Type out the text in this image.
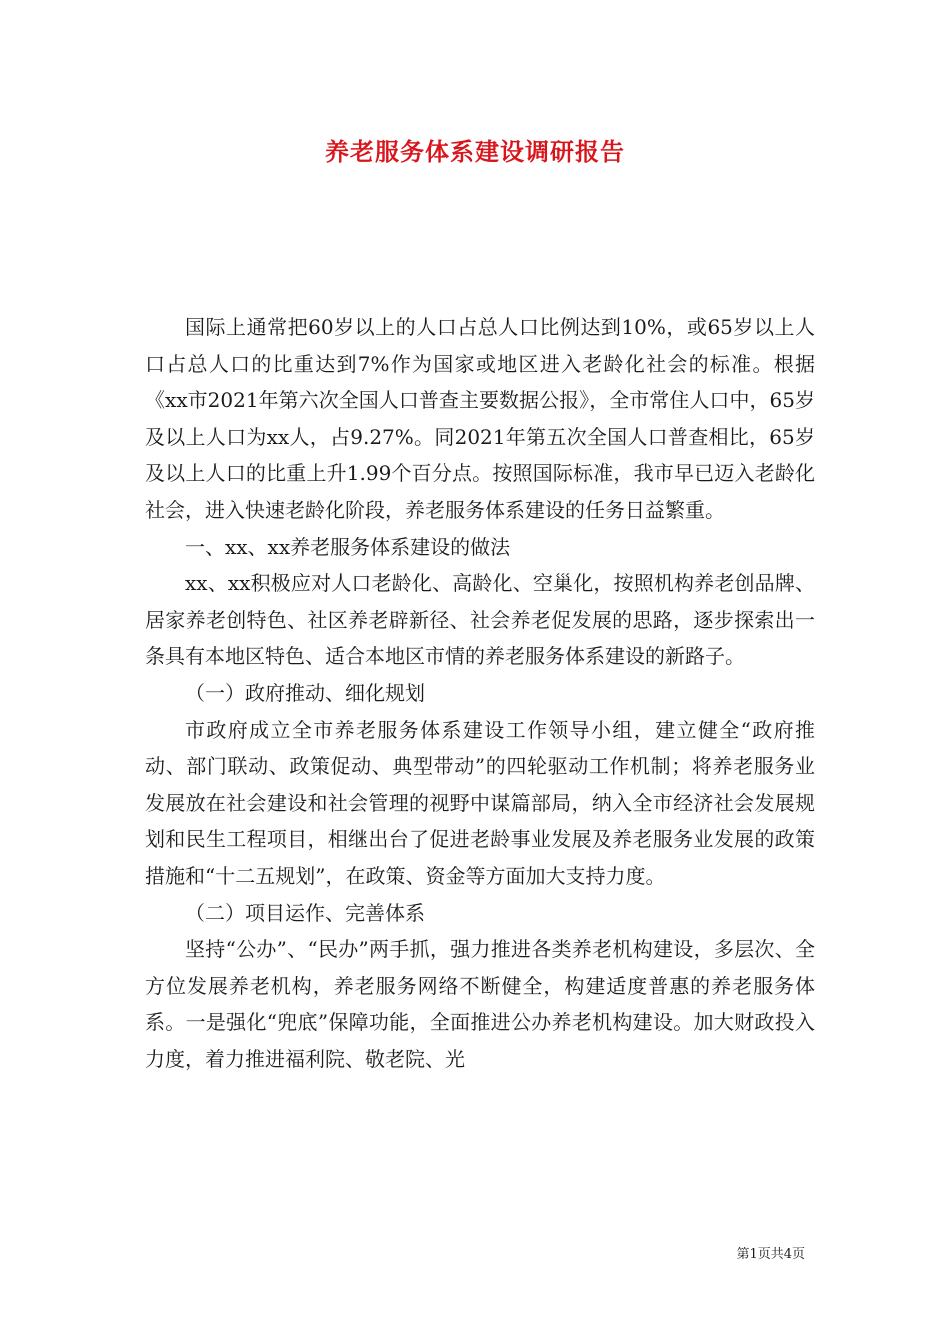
养老服务体系建设调研报告

国际上通常把60岁以上的人口占总人口比例达到10%，或65岁以上人口占总人口的比重达到7%作为国家或地区进入老龄化社会的标准。根据《xx市2021年第六次全国人口普查主要数据公报》，全市常住人口中，65岁及以上人口为xx人，占9.27%。同2021年第五次全国人口普查相比，65岁及以上人口的比重上升1.99个百分点。按照国际标准，我市早已迈入老龄化社会，进入快速老龄化阶段，养老服务体系建设的任务日益繁重。

一、xx、xx养老服务体系建设的做法

xx、xx积极应对人口老龄化、高龄化、空巢化，按照机构养老创品牌、居家养老创特色、社区养老辟新径、社会养老促发展的思路，逐步探索出一条具有本地区特色、适合本地区市情的养老服务体系建设的新路子。

（一）政府推动、细化规划

市政府成立全市养老服务体系建设工作领导小组，建立健全“政府推动、部门联动、政策促动、典型带动”的四轮驱动工作机制；将养老服务业发展放在社会建设和社会管理的视野中谋篇部局，纳入全市经济社会发展规划和民生工程项目，相继出台了促进老龄事业发展及养老服务业发展的政策措施和“十二五规划”，在政策、资金等方面加大支持力度。

（二）项目运作、完善体系

坚持“公办”、“民办”两手抓，强力推进各类养老机构建设，多层次、全方位发展养老机构，养老服务网络不断健全，构建适度普惠的养老服务体系。一是强化“兜底”保障功能，全面推进公办养老机构建设。加大财政投入力度，着力推进福利院、敬老院、光

第1页共4页
